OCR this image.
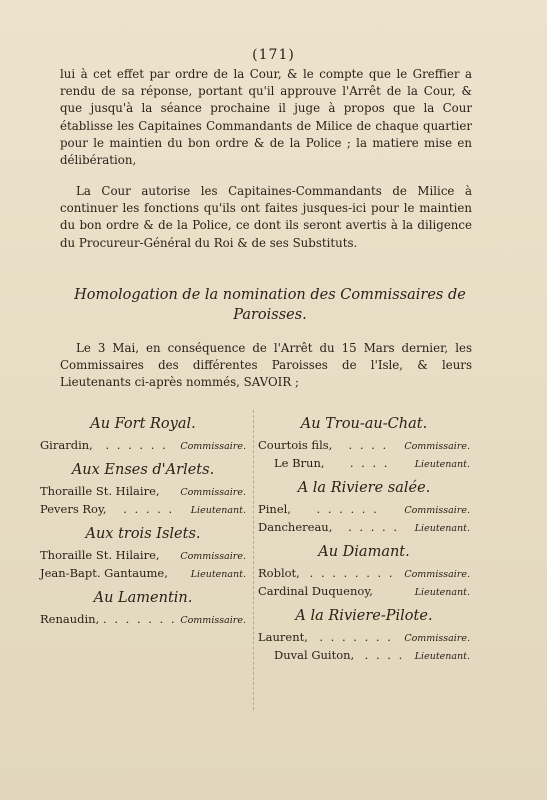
(171)
lui à cet effet par ordre de la Cour, & le compte que le Greffier a rendu de sa réponse, portant qu'il approuve l'Arrêt de la Cour, & que jusqu'à la séance prochaine il juge à propos que la Cour établisse les Capitaines Commandants de Milice de chaque quartier pour le maintien du bon ordre & de la Police ; la matiere mise en délibération,
La Cour autorise les Capitaines-Commandants de Milice à continuer les fonctions qu'ils ont faites jusques-ici pour le maintien du bon ordre & de la Police, ce dont ils seront avertis à la diligence du Procureur-Général du Roi & de ses Substituts.
Homologation de la nomination des Commissaires de Paroisses.
Le 3 Mai, en conséquence de l'Arrêt du 15 Mars dernier, les Commissaires des différentes Paroisses de l'Isle, & leurs Lieutenants ci-après nommés, SAVOIR ;
Au Fort Royal.
Girardin,	. . . . . .	Commissaire.
Aux Enses d'Arlets.
Thoraille St. Hilaire, Commissaire.
Pevers Roy,	. . . . .	Lieutenant.
Aux trois Islets.
Thoraille St. Hilaire, Commissaire.
Jean-Bapt. Gantaume, Lieutenant.
Au Lamentin.
Renaudin, . . . . . . . Commissaire.
Au Trou-au-Chat.
Courtois fils,	. . . .	Commissaire.
Le Brun,	. . . .	Lieutenant.
A la Riviere salée.
Pinel,	. . . . . .	Commissaire.
Danchereau,	. . . . .	Lieutenant.
Au Diamant.
Roblot, . . . . . . . .	Commissaire.
Cardinal Duquenoy,	Lieutenant.
A la Riviere-Pilote.
Laurent, . . . . . . .	Commissaire.
Duval Guiton, . . . .	Lieutenant.
